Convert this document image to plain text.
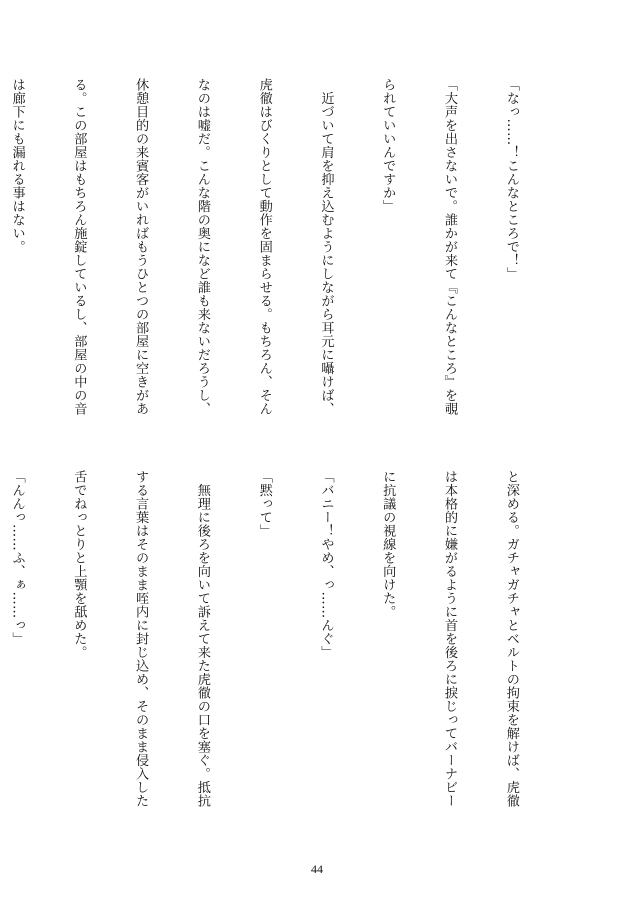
「なっ……！こんなところで！」

「大声を出さないで。誰かが来て『こんなところ』を覗

られていいんですか」

　近づいて肩を抑え込むようにしながら耳元に囁けば、

虎徹はびくりとして動作を固まらせる。もちろん、そん

なのは嘘だ。こんな階の奥になど誰も来ないだろうし、

休憩目的の来賓客がいればもうひとつの部屋に空きがあ

る。この部屋はもちろん施錠しているし、部屋の中の音

は廊下にも漏れる事はない。

と深める。ガチャガチャとベルトの拘束を解けば、虎徹

は本格的に嫌がるように首を後ろに捩じってバーナビー

に抗議の視線を向けた。

「バニー！やめ、っ……んぐ」

「黙って」

　無理に後ろを向いて訴えて来た虎徹の口を塞ぐ。抵抗

する言葉はそのまま咥内に封じ込め、そのまま侵入した

舌でねっとりと上顎を舐めた。

「んんっ……ふ、ぁ……っ」

44
